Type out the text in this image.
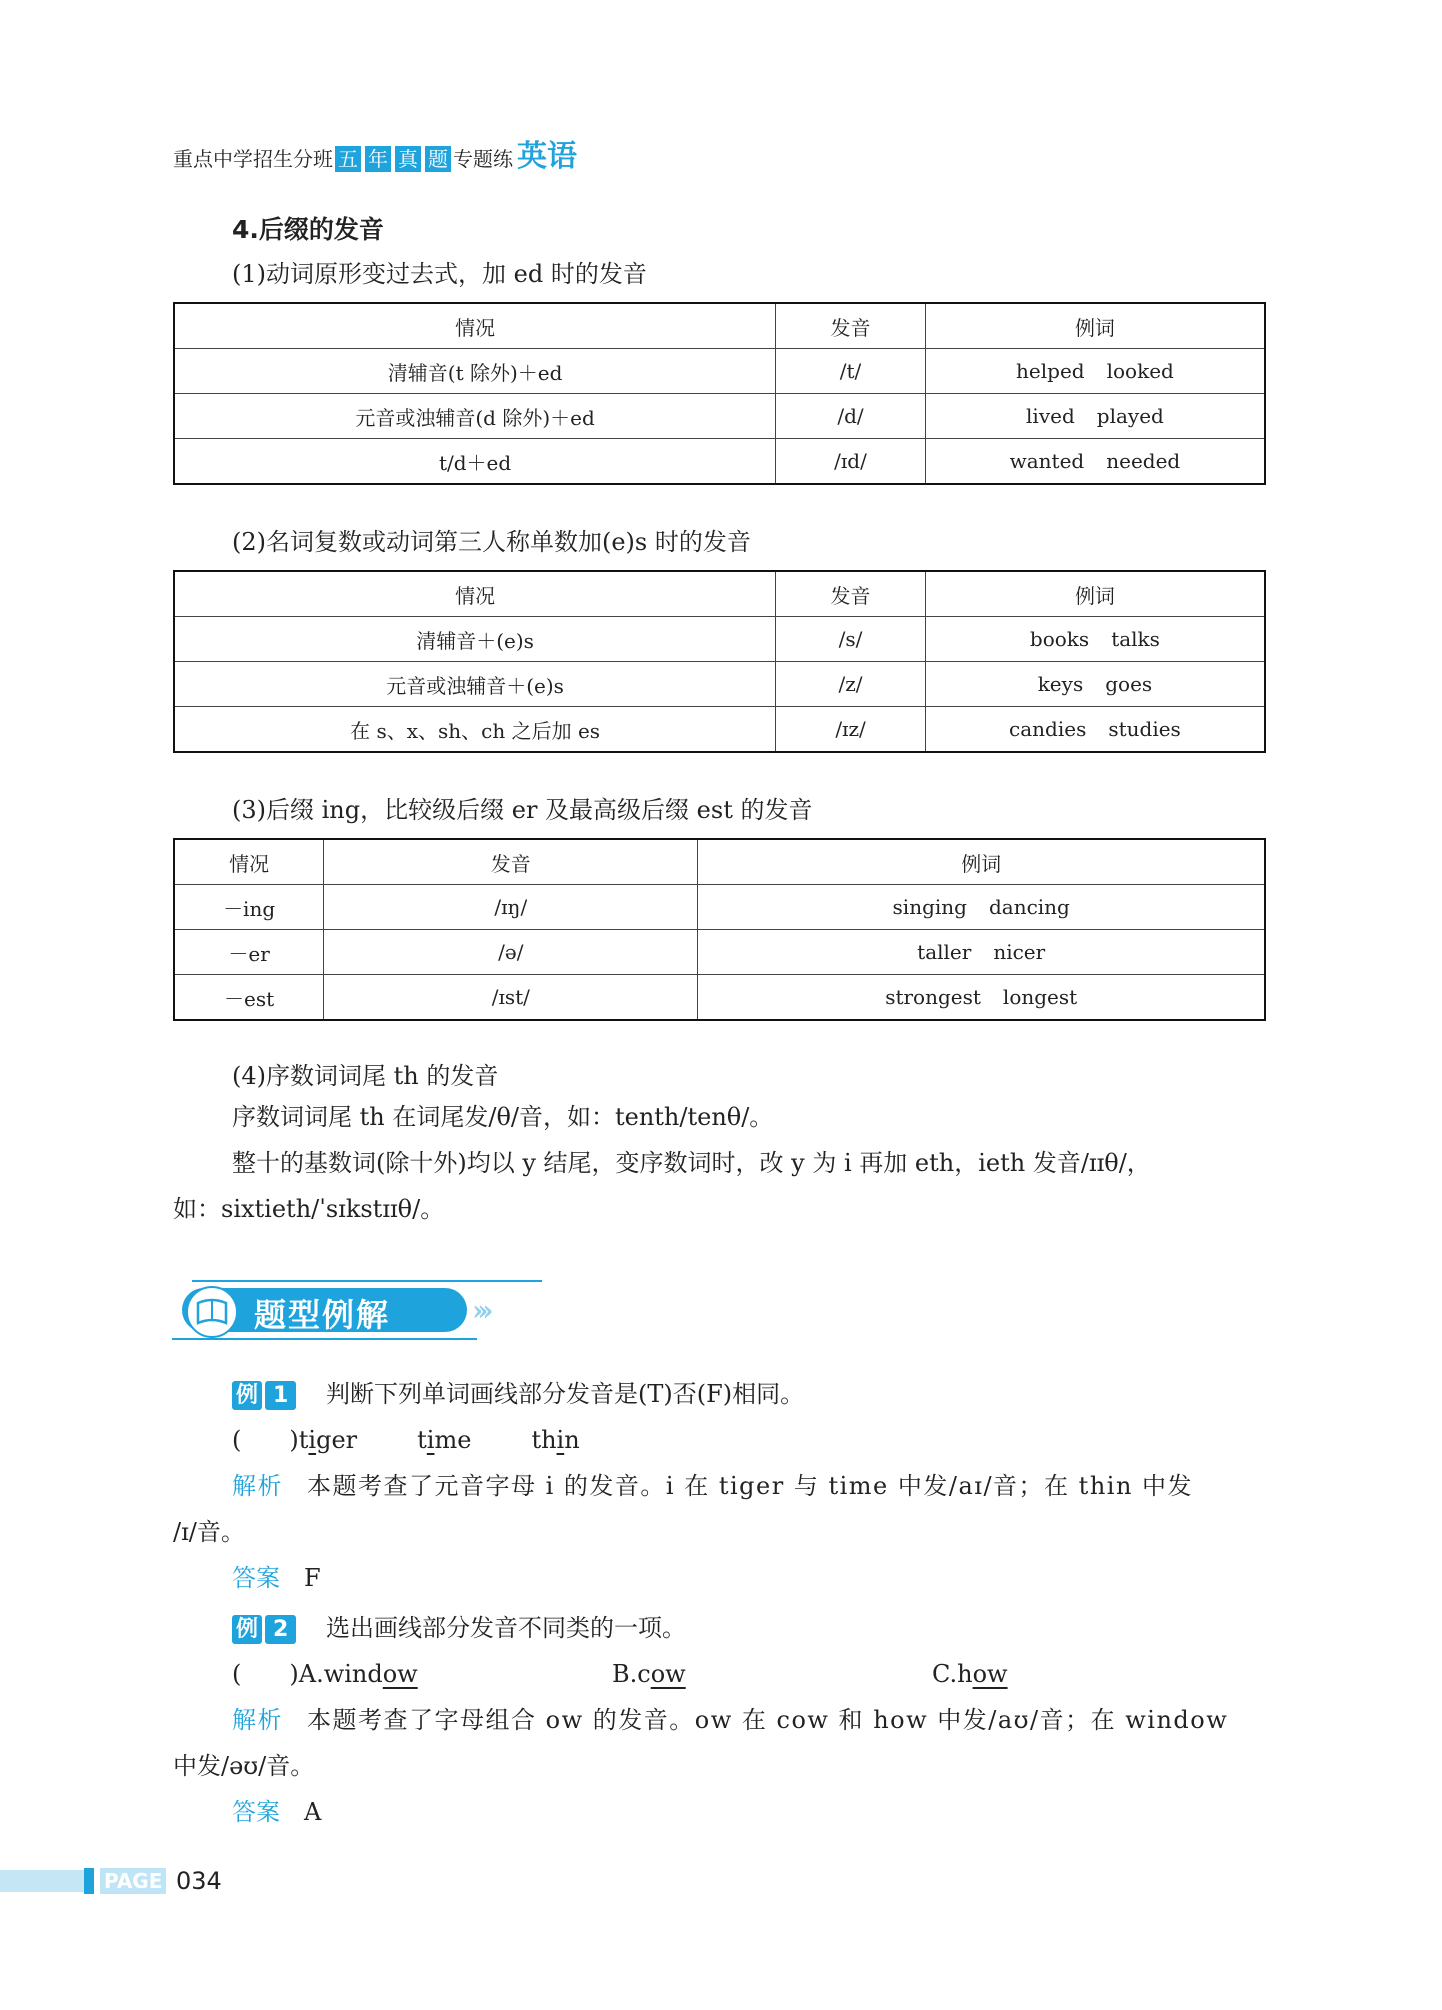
重点中学招生分班 五 年 真 题 专题练 英语
4.后缀的发音
(1)动词原形变过去式，加 ed 时的发音
情况	发音	例词
清辅音(t 除外)＋ed	/t/	helped looked
元音或浊辅音(d 除外)＋ed	/d/	lived played
t/d＋ed	/ɪd/	wanted needed
(2)名词复数或动词第三人称单数加(e)s 时的发音
情况	发音	例词
清辅音＋(e)s	/s/	books talks
元音或浊辅音＋(e)s	/z/	keys goes
在 s、x、sh、ch 之后加 es	/ɪz/	candies studies
(3)后缀 ing，比较级后缀 er 及最高级后缀 est 的发音
情况	发音	例词
－ing	/ɪŋ/	singing dancing
－er	/ə/	taller nicer
－est	/ɪst/	strongest longest
(4)序数词词尾 th 的发音
序数词词尾 th 在词尾发/θ/音，如：tenth/tenθ/。
整十的基数词(除十外)均以 y 结尾，变序数词时，改 y 为 i 再加 eth，ieth 发音/ɪɪθ/，
如：sixtieth/ˈsɪkstɪɪθ/。
题型例解	›››
例 1 判断下列单词画线部分发音是(T)否(F)相同。
(　　)tiger	time	thin
解析 本题考查了元音字母 i 的发音。i 在 tiger 与 time 中发/aɪ/音；在 thin 中发
/ɪ/音。
答案 F
例 2 选出画线部分发音不同类的一项。
(　　)A.window	B.cow	C.how
解析 本题考查了字母组合 ow 的发音。ow 在 cow 和 how 中发/aʊ/音；在 window
中发/əʊ/音。
答案 A
PAGE 034
